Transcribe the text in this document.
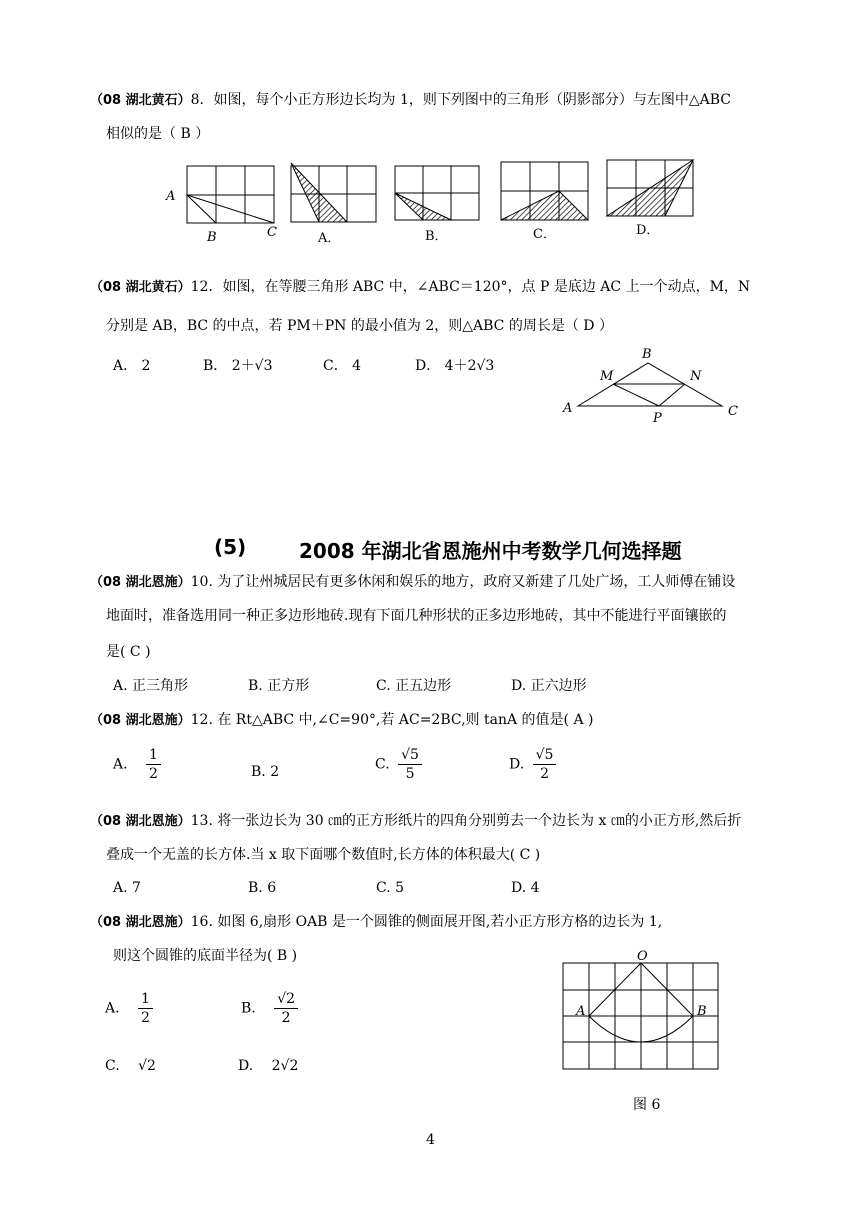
（08 湖北黄石）8．如图，每个小正方形边长均为 1，则下列图中的三角形（阴影部分）与左图中△ABC
相似的是（ B ）
A
B	C	A．	B．	C．	D．
（08 湖北黄石）12．如图，在等腰三角形 ABC 中，∠ABC＝120°，点 P 是底边 AC 上一个动点，M，N
分别是 AB，BC 的中点，若 PM＋PN 的最小值为 2，则△ABC 的周长是（ D ）
A． 2	B． 2＋√3	C． 4	D． 4＋2√3
B
M	N
A
P	C
(5)	2008 年湖北省恩施州中考数学几何选择题
（08 湖北恩施）10. 为了让州城居民有更多休闲和娱乐的地方，政府又新建了几处广场，工人师傅在铺设
地面时，准备选用同一种正多边形地砖.现有下面几种形状的正多边形地砖，其中不能进行平面镶嵌的
是( C )
A. 正三角形	B. 正方形	C. 正五边形	D. 正六边形
（08 湖北恩施）12. 在 Rt△ABC 中,∠C=90°,若 AC=2BC,则 tanA 的值是( A )
A. $\frac{1}{2}$	B. 2	C. $\frac{√5}{5}$	D. $\frac{√5}{2}$
（08 湖北恩施）13. 将一张边长为 30 ㎝的正方形纸片的四角分别剪去一个边长为 x ㎝的小正方形,然后折
叠成一个无盖的长方体.当 x 取下面哪个数值时,长方体的体积最大( C )
A. 7	B. 6	C. 5	D. 4
（08 湖北恩施）16. 如图 6,扇形 OAB 是一个圆锥的侧面展开图,若小正方形方格的边长为 1,
则这个圆锥的底面半径为( B )
A. $\frac{1}{2}$	B. $\frac{√2}{2}$
C. √2	D. 2√2
O
A	B
图 6
4
